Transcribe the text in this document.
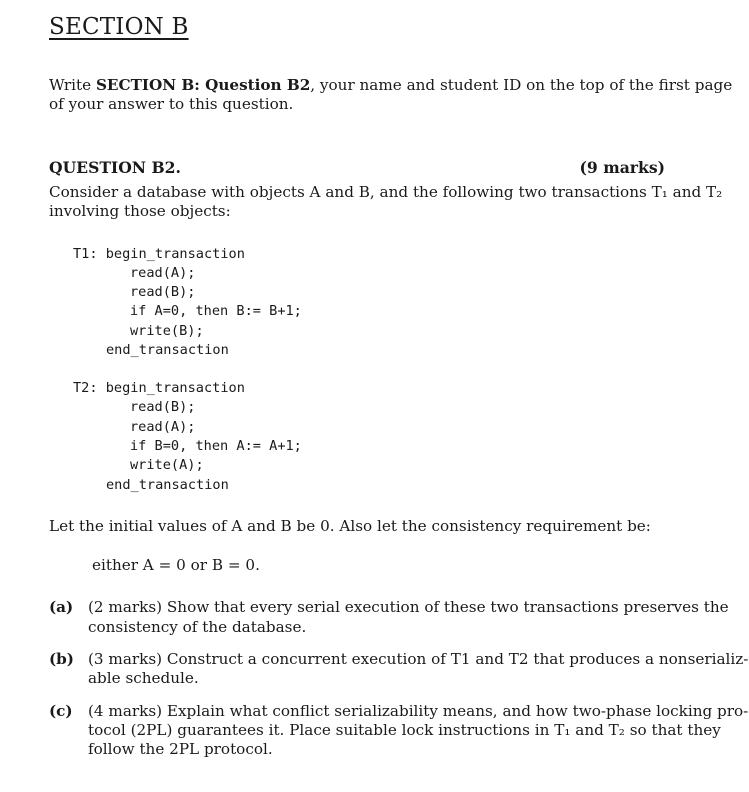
SECTION B
Write SECTION B: Question B2, your name and student ID on the top of the first page
of your answer to this question.
QUESTION B2.	(9 marks)
Consider a database with objects A and B, and the following two transactions T₁ and T₂
involving those objects:
T1: begin_transaction
read(A);
read(B);
if A=0, then B:= B+1;
write(B);
end_transaction
T2: begin_transaction
read(B);
read(A);
if B=0, then A:= A+1;
write(A);
end_transaction
Let the initial values of A and B be 0. Also let the consistency requirement be:
either A = 0 or B = 0.
(a) (2 marks) Show that every serial execution of these two transactions preserves the
consistency of the database.
(b) (3 marks) Construct a concurrent execution of T1 and T2 that produces a nonserializ-
able schedule.
(c) (4 marks) Explain what conflict serializability means, and how two-phase locking pro-
tocol (2PL) guarantees it. Place suitable lock instructions in T₁ and T₂ so that they
follow the 2PL protocol.
